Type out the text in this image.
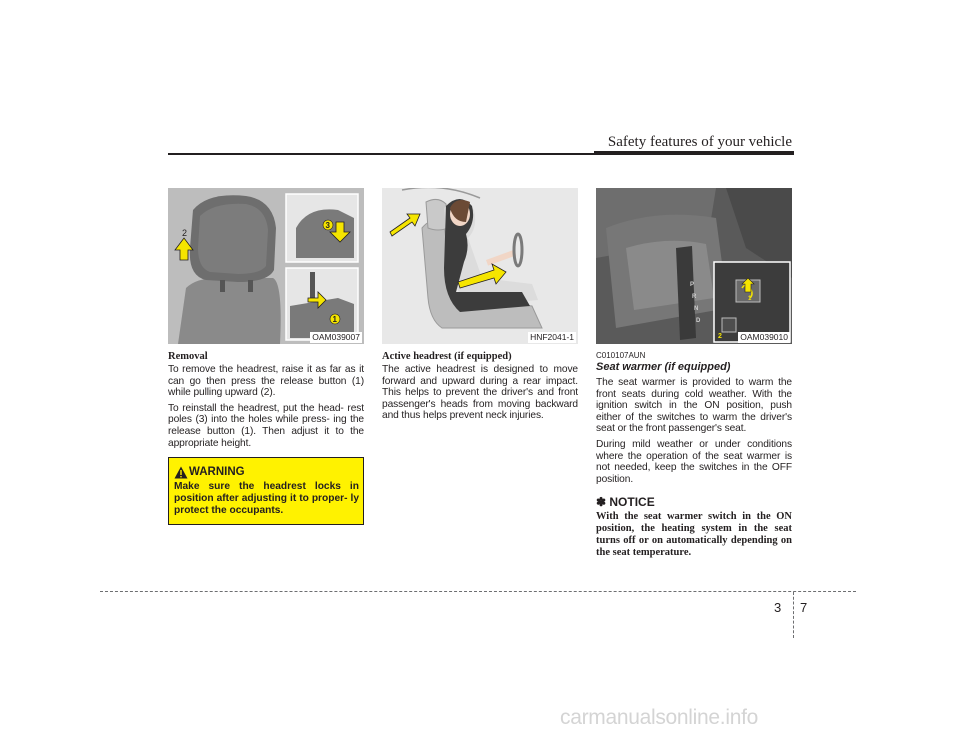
Safety features of your vehicle
3
1
2
OAM039007
Removal

To remove the headrest, raise it as far as it can go then press the release button (1) while pulling upward (2).

To reinstall the headrest, put the head- rest poles (3) into the holes while press- ing the release button (1). Then adjust it to the appropriate height.

WARNING
Make sure the headrest locks in position after adjusting it to proper- ly protect the occupants.
HNF2041-1
Active headrest (if equipped)

The active headrest is designed to move forward and upward during a rear impact. This helps to prevent the driver's and front passenger's heads from moving backward and thus helps prevent neck injuries.

P
R
N
D
1
2 OAM039010
C010107AUN
Seat warmer (if equipped)

The seat warmer is provided to warm the front seats during cold weather. With the ignition switch in the ON position, push either of the switches to warm the driver's seat or the front passenger's seat.

During mild weather or under conditions where the operation of the seat warmer is not needed, keep the switches in the OFF position.

✽ NOTICE

With the seat warmer switch in the ON position, the heating system in the seat turns off or on automatically depending on the seat temperature.

3 7
carmanualsonline.info
